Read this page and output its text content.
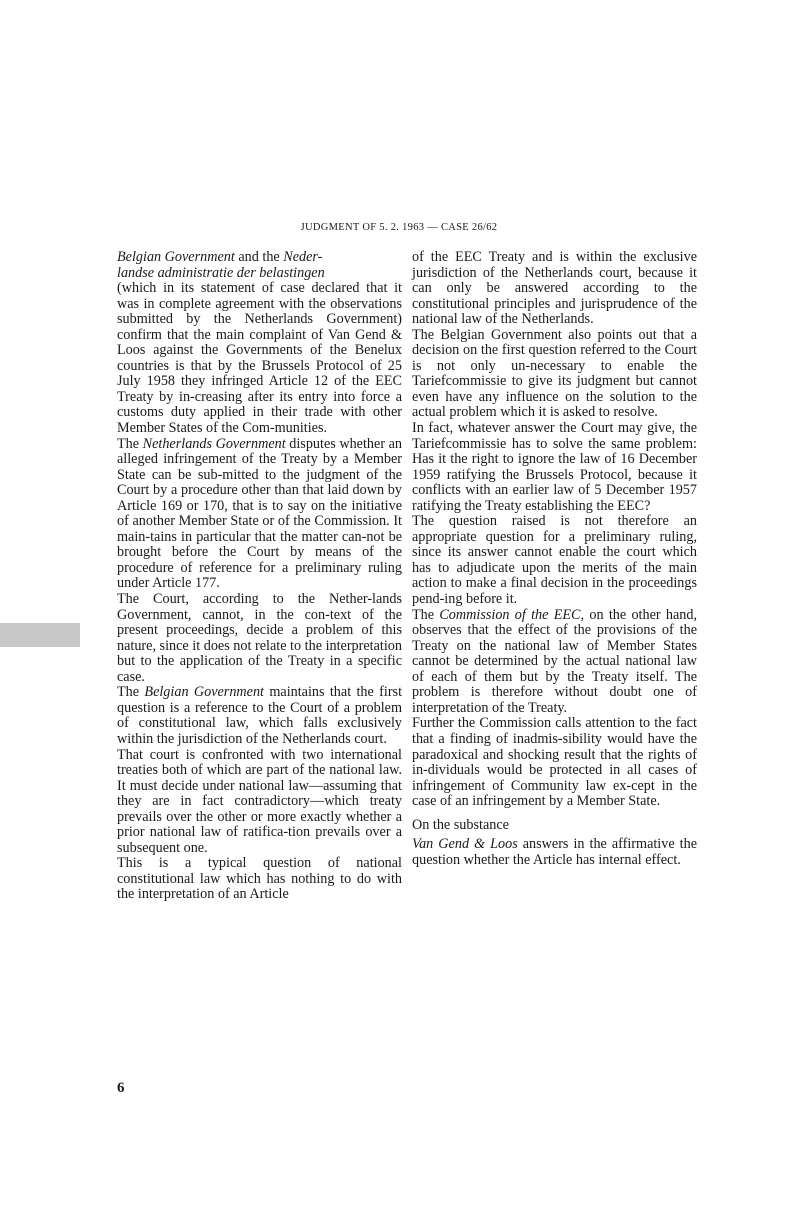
JUDGMENT OF 5. 2. 1963 — CASE 26/62

Belgian Government and the Neder-
landse administratie der belastingen
(which in its statement of case declared that it was in complete agreement with the observations submitted by the Netherlands Government) confirm that the main complaint of Van Gend & Loos against the Governments of the Benelux countries is that by the Brussels Protocol of 25 July 1958 they infringed Article 12 of the EEC Treaty by in-creasing after its entry into force a customs duty applied in their trade with other Member States of the Com-munities.

The Netherlands Government disputes whether an alleged infringement of the Treaty by a Member State can be sub-mitted to the judgment of the Court by a procedure other than that laid down by Article 169 or 170, that is to say on the initiative of another Member State or of the Commission. It main-tains in particular that the matter can-not be brought before the Court by means of the procedure of reference for a preliminary ruling under Article 177.

The Court, according to the Nether-lands Government, cannot, in the con-text of the present proceedings, decide a problem of this nature, since it does not relate to the interpretation but to the application of the Treaty in a specific case.

The Belgian Government maintains that the first question is a reference to the Court of a problem of constitutional law, which falls exclusively within the jurisdiction of the Netherlands court.

That court is confronted with two international treaties both of which are part of the national law. It must decide under national law—assuming that they are in fact contradictory—which treaty prevails over the other or more exactly whether a prior national law of ratifica-tion prevails over a subsequent one.

This is a typical question of national constitutional law which has nothing to do with the interpretation of an Article

of the EEC Treaty and is within the exclusive jurisdiction of the Netherlands court, because it can only be answered according to the constitutional principles and jurisprudence of the national law of the Netherlands.

The Belgian Government also points out that a decision on the first question referred to the Court is not only un-necessary to enable the Tariefcommissie to give its judgment but cannot even have any influence on the solution to the actual problem which it is asked to resolve.

In fact, whatever answer the Court may give, the Tariefcommissie has to solve the same problem: Has it the right to ignore the law of 16 December 1959 ratifying the Brussels Protocol, because it conflicts with an earlier law of 5 December 1957 ratifying the Treaty establishing the EEC?

The question raised is not therefore an appropriate question for a preliminary ruling, since its answer cannot enable the court which has to adjudicate upon the merits of the main action to make a final decision in the proceedings pend-ing before it.

The Commission of the EEC, on the other hand, observes that the effect of the provisions of the Treaty on the national law of Member States cannot be determined by the actual national law of each of them but by the Treaty itself. The problem is therefore without doubt one of interpretation of the Treaty.

Further the Commission calls attention to the fact that a finding of inadmis-sibility would have the paradoxical and shocking result that the rights of in-dividuals would be protected in all cases of infringement of Community law ex-cept in the case of an infringement by a Member State.

On the substance

Van Gend & Loos answers in the affirmative the question whether the Article has internal effect.

6
